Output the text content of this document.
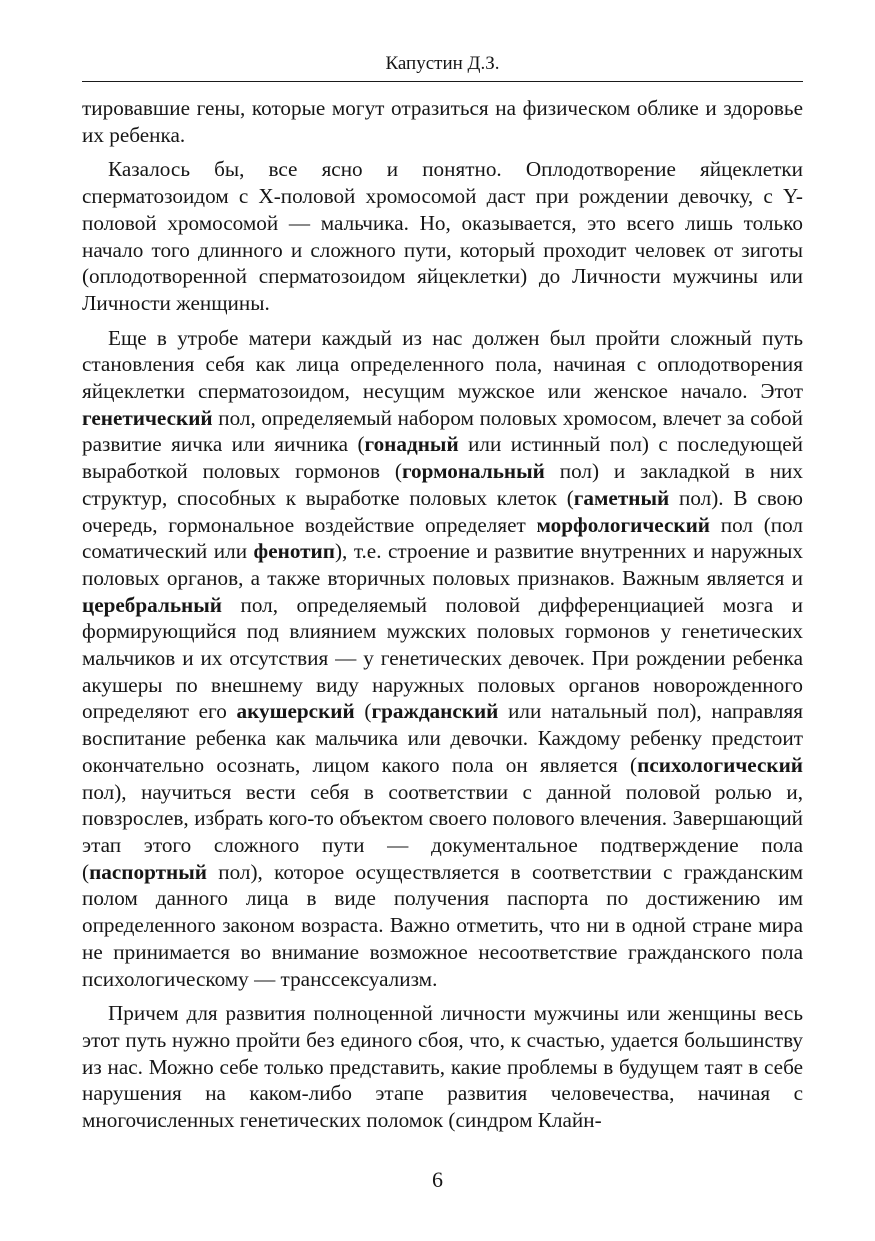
Капустин Д.З.

тировавшие гены, которые могут отразиться на физическом облике и здоровье их ребенка.

Казалось бы, все ясно и понятно. Оплодотворение яйцеклетки сперматозоидом с X-половой хромосомой даст при рождении девочку, с Y-половой хромосомой — мальчика. Но, оказывается, это всего лишь только начало того длинного и сложного пути, который проходит человек от зиготы (оплодотворенной сперматозоидом яйцеклетки) до Личности мужчины или Личности женщины.

Еще в утробе матери каждый из нас должен был пройти сложный путь становления себя как лица определенного пола, начиная с оплодотворения яйцеклетки сперматозоидом, несущим мужское или женское начало. Этот генетический пол, определяемый набором половых хромосом, влечет за собой развитие яичка или яичника (гонадный или истинный пол) с последующей выработкой половых гормонов (гормональный пол) и закладкой в них структур, способных к выработке половых клеток (гаметный пол). В свою очередь, гормональное воздействие определяет морфологический пол (пол соматический или фенотип), т.е. строение и развитие внутренних и наружных половых органов, а также вторичных половых признаков. Важным является и церебральный пол, определяемый половой дифференциацией мозга и формирующийся под влиянием мужских половых гормонов у генетических мальчиков и их отсутствия — у генетических девочек. При рождении ребенка акушеры по внешнему виду наружных половых органов новорожденного определяют его акушерский (гражданский или натальный пол), направляя воспитание ребенка как мальчика или девочки. Каждому ребенку предстоит окончательно осознать, лицом какого пола он является (психологический пол), научиться вести себя в соответствии с данной половой ролью и, повзрослев, избрать кого-то объектом своего полового влечения. Завершающий этап этого сложного пути — документальное подтверждение пола (паспортный пол), которое осуществляется в соответствии с гражданским полом данного лица в виде получения паспорта по достижению им определенного законом возраста. Важно отметить, что ни в одной стране мира не принимается во внимание возможное несоответствие гражданского пола психологическому — транссексуализм.

Причем для развития полноценной личности мужчины или женщины весь этот путь нужно пройти без единого сбоя, что, к счастью, удается большинству из нас. Можно себе только представить, какие проблемы в будущем таят в себе нарушения на каком-либо этапе развития человечества, начиная с многочисленных генетических поломок (синдром Клайн-

6
